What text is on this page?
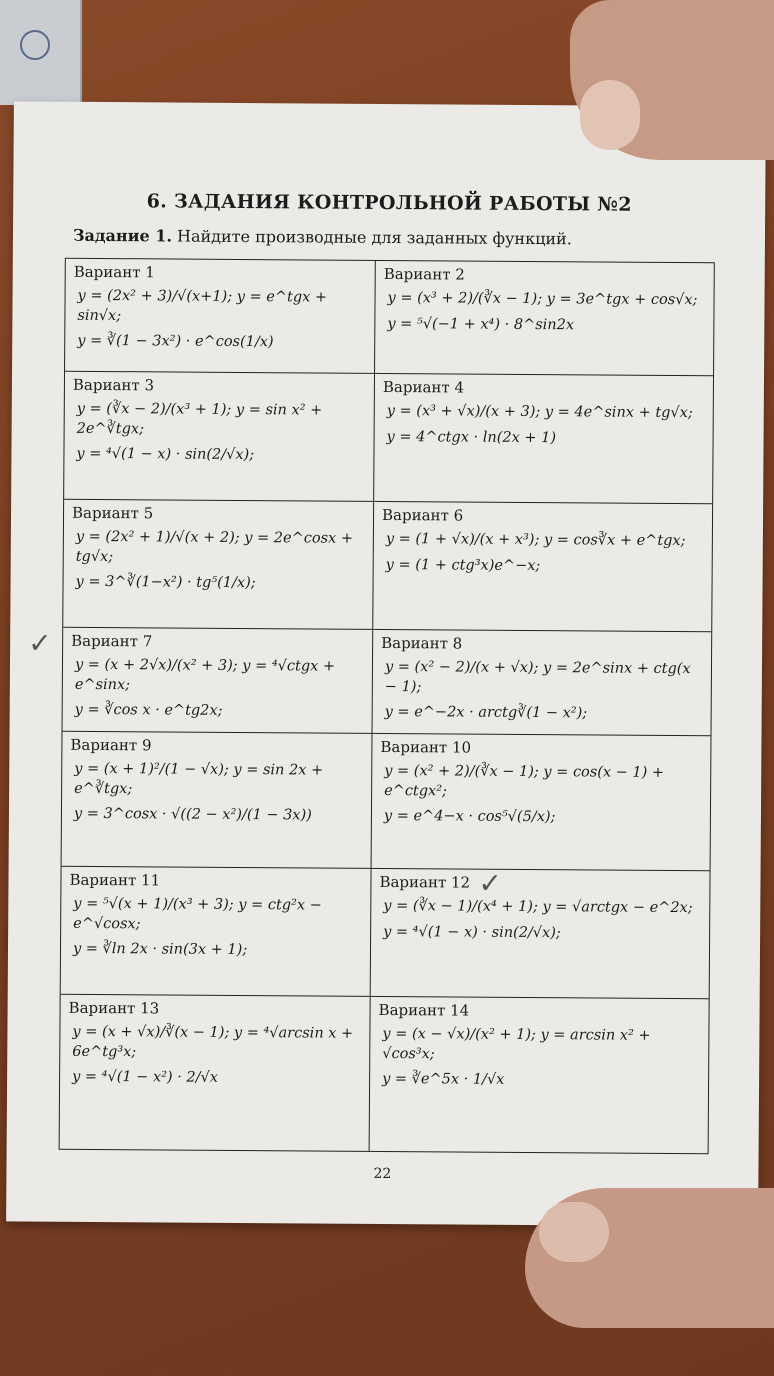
6. ЗАДАНИЯ КОНТРОЛЬНОЙ РАБОТЫ №2
Задание 1. Найдите производные для заданных функций.
Вариант 1
y = (2x² + 3)/√(x+1); y = e^tgx + sin√x;
y = ∛(1 − 3x²) · e^cos(1/x)
Вариант 2
y = (x³ + 2)/(∛x − 1); y = 3e^tgx + cos√x;
y = ⁵√(−1 + x⁴) · 8^sin2x
Вариант 3
y = (∛x − 2)/(x³ + 1); y = sin x² + 2e^∛tgx;
y = ⁴√(1 − x) · sin(2/√x);
Вариант 4
y = (x³ + √x)/(x + 3); y = 4e^sinx + tg√x;
y = 4^ctgx · ln(2x + 1)
Вариант 5
y = (2x² + 1)/√(x + 2); y = 2e^cosx + tg√x;
y = 3^∛(1−x²) · tg⁵(1/x);
Вариант 6
y = (1 + √x)/(x + x³); y = cos∛x + e^tgx;
y = (1 + ctg³x)e^−x;
Вариант 7
y = (x + 2√x)/(x² + 3); y = ⁴√ctgx + e^sinx;
y = ∛cos x · e^tg2x;
Вариант 8
y = (x² − 2)/(x + √x); y = 2e^sinx + ctg(x − 1);
y = e^−2x · arctg∛(1 − x²);
Вариант 9
y = (x + 1)²/(1 − √x); y = sin 2x + e^∛tgx;
y = 3^cosx · √((2 − x²)/(1 − 3x))
Вариант 10
y = (x² + 2)/(∛x − 1); y = cos(x − 1) + e^ctgx²;
y = e^4−x · cos⁵√(5/x);
Вариант 11
y = ⁵√(x + 1)/(x³ + 3); y = ctg²x − e^√cosx;
y = ∛ln 2x · sin(3x + 1);
Вариант 12
y = (∛x − 1)/(x⁴ + 1); y = √arctgx − e^2x;
y = ⁴√(1 − x) · sin(2/√x);
Вариант 13
y = (x + √x)/∛(x − 1); y = ⁴√arcsin x + 6e^tg³x;
y = ⁴√(1 − x²) · 2/√x
Вариант 14
y = (x − √x)/(x² + 1); y = arcsin x² + √cos³x;
y = ∛e^5x · 1/√x
22
✓
✓
